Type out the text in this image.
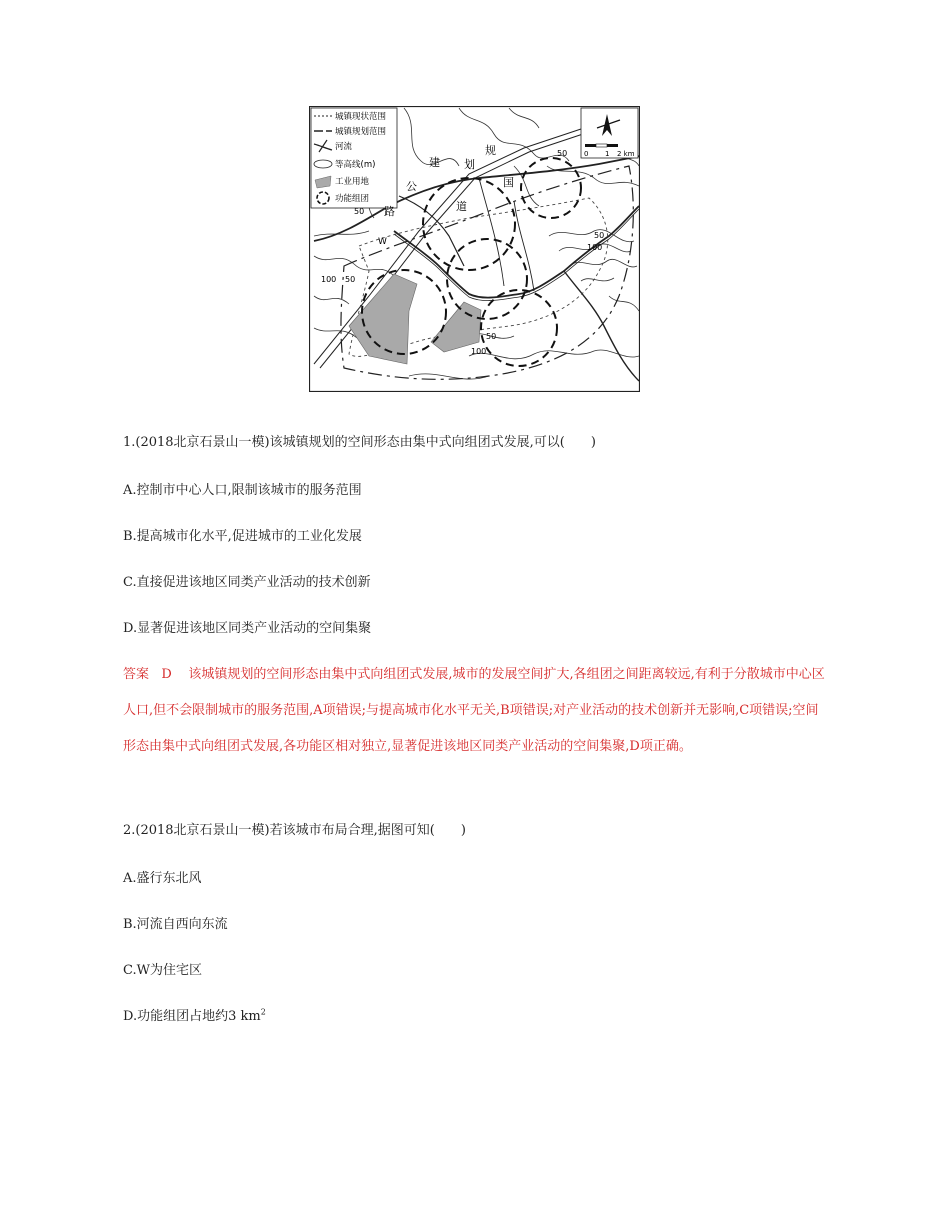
城镇现状范围
城镇规划范围
河流
等高线(m)
工业用地
功能组团
0 1 2 km
规
划
国
道
公
路
建
50
50
50
50
100
100
50
100
W
1.(2018北京石景山一模)该城镇规划的空间形态由集中式向组团式发展,可以(　　)
A.控制市中心人口,限制该城市的服务范围
B.提高城市化水平,促进城市的工业化发展
C.直接促进该地区同类产业活动的技术创新
D.显著促进该地区同类产业活动的空间集聚
答案 D 该城镇规划的空间形态由集中式向组团式发展,城市的发展空间扩大,各组团之间距离较远,有利于分散城市中心区人口,但不会限制城市的服务范围,A项错误;与提高城市化水平无关,B项错误;对产业活动的技术创新并无影响,C项错误;空间形态由集中式向组团式发展,各功能区相对独立,显著促进该地区同类产业活动的空间集聚,D项正确。
2.(2018北京石景山一模)若该城市布局合理,据图可知(　　)
A.盛行东北风
B.河流自西向东流
C.W为住宅区
D.功能组团占地约3 $km^2$
